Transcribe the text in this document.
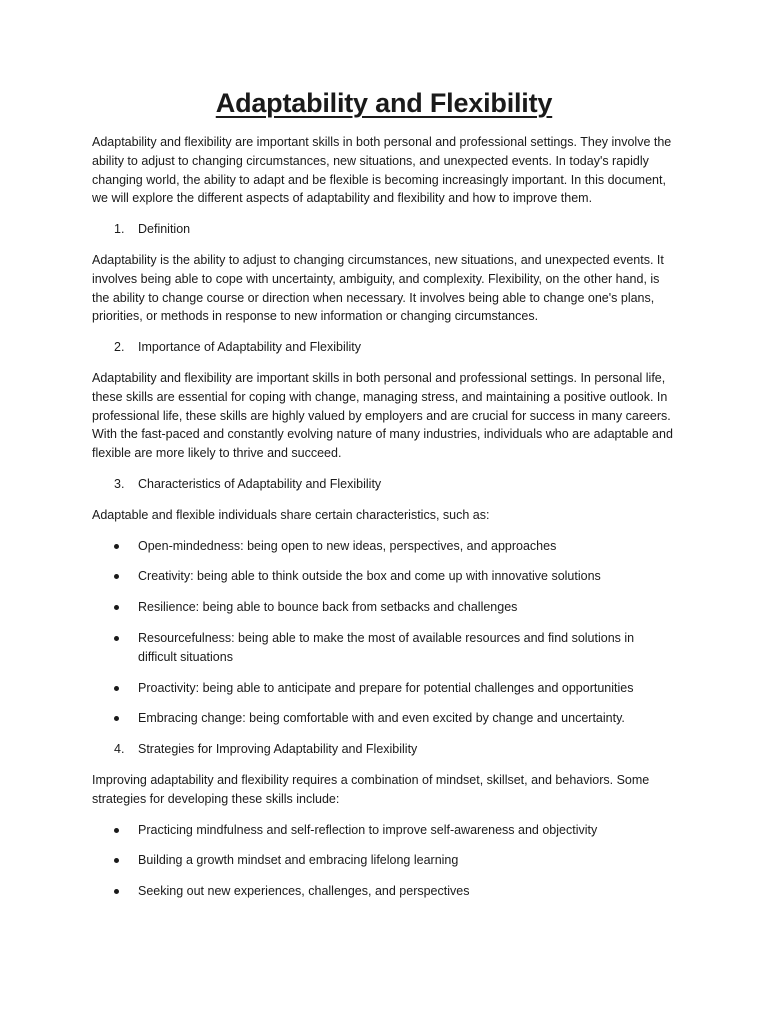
Adaptability and Flexibility

Adaptability and flexibility are important skills in both personal and professional settings. They involve the ability to adjust to changing circumstances, new situations, and unexpected events. In today's rapidly changing world, the ability to adapt and be flexible is becoming increasingly important. In this document, we will explore the different aspects of adaptability and flexibility and how to improve them.

1. Definition

Adaptability is the ability to adjust to changing circumstances, new situations, and unexpected events. It involves being able to cope with uncertainty, ambiguity, and complexity. Flexibility, on the other hand, is the ability to change course or direction when necessary. It involves being able to change one's plans, priorities, or methods in response to new information or changing circumstances.

2. Importance of Adaptability and Flexibility

Adaptability and flexibility are important skills in both personal and professional settings. In personal life, these skills are essential for coping with change, managing stress, and maintaining a positive outlook. In professional life, these skills are highly valued by employers and are crucial for success in many careers. With the fast-paced and constantly evolving nature of many industries, individuals who are adaptable and flexible are more likely to thrive and succeed.

3. Characteristics of Adaptability and Flexibility

Adaptable and flexible individuals share certain characteristics, such as:

Open-mindedness: being open to new ideas, perspectives, and approaches
Creativity: being able to think outside the box and come up with innovative solutions
Resilience: being able to bounce back from setbacks and challenges
Resourcefulness: being able to make the most of available resources and find solutions in difficult situations
Proactivity: being able to anticipate and prepare for potential challenges and opportunities
Embracing change: being comfortable with and even excited by change and uncertainty.
4. Strategies for Improving Adaptability and Flexibility

Improving adaptability and flexibility requires a combination of mindset, skillset, and behaviors. Some strategies for developing these skills include:

Practicing mindfulness and self-reflection to improve self-awareness and objectivity
Building a growth mindset and embracing lifelong learning
Seeking out new experiences, challenges, and perspectives
